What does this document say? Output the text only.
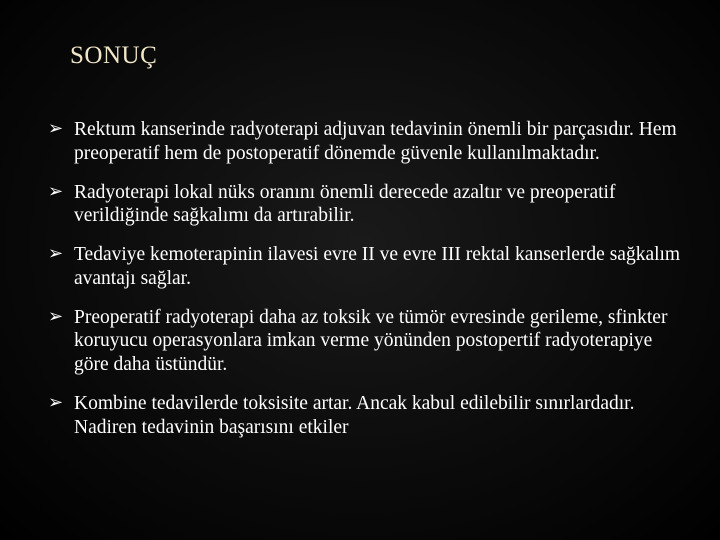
SONUÇ
➢ Rektum kanserinde radyoterapi adjuvan tedavinin önemli bir parçasıdır. Hem preoperatif hem de postoperatif dönemde güvenle kullanılmaktadır.
➢ Radyoterapi lokal nüks oranını önemli derecede azaltır ve preoperatif verildiğinde sağkalımı da artırabilir.
➢ Tedaviye kemoterapinin ilavesi evre II ve evre III rektal kanserlerde sağkalım avantajı sağlar.
➢ Preoperatif radyoterapi daha az toksik ve tümör evresinde gerileme, sfinkter koruyucu operasyonlara imkan verme yönünden postopertif radyoterapiye göre daha üstündür.
➢ Kombine tedavilerde toksisite artar. Ancak kabul edilebilir sınırlardadır. Nadiren tedavinin başarısını etkiler
